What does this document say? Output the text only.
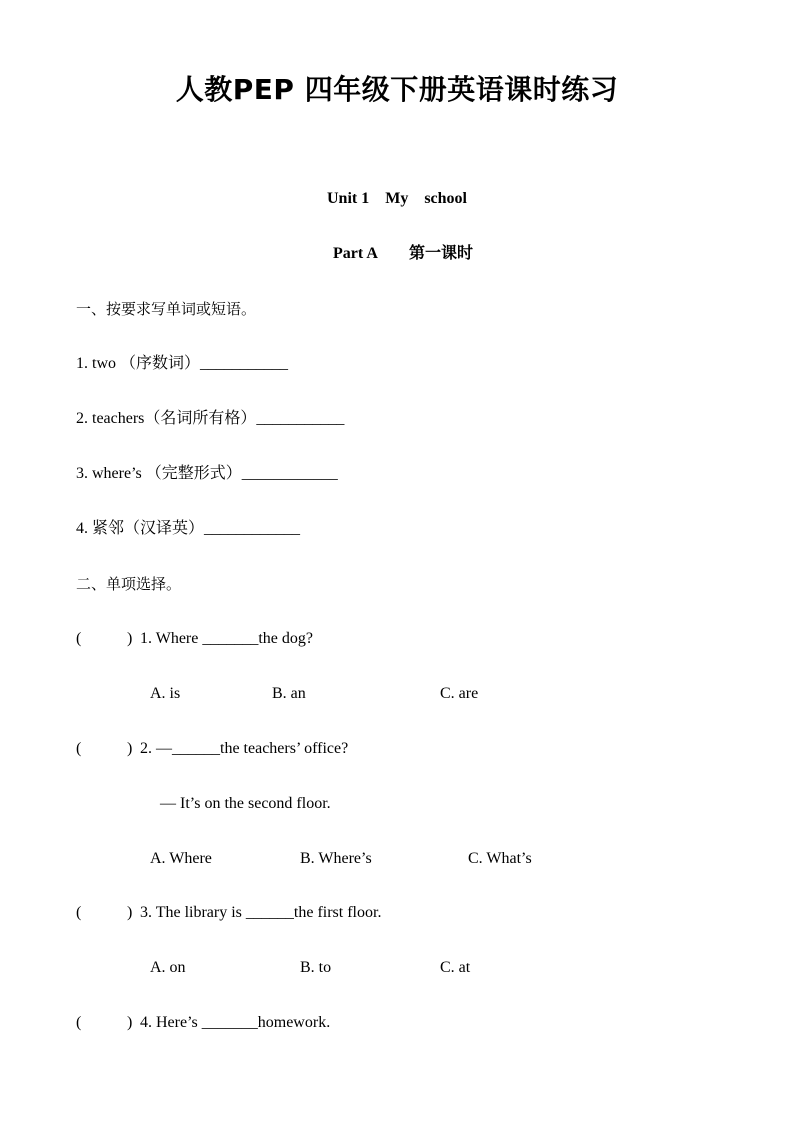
人教PEP 四年级下册英语课时练习
Unit 1　My　school
Part A　　第一课时
一、按要求写单词或短语。
1. two （序数词）___________
2. teachers（名词所有格）___________
3. where’s （完整形式）____________
4. 紧邻（汉译英）____________
二、单项选择。
(	) 1. Where _______the dog?
A. is	B. an	C. are
(	) 2. —______the teachers’ office?
— It’s on the second floor.
A. Where	B. Where’s	C. What’s
(	) 3. The library is ______the first floor.
A. on	B. to	C. at
(	) 4. Here’s _______homework.
